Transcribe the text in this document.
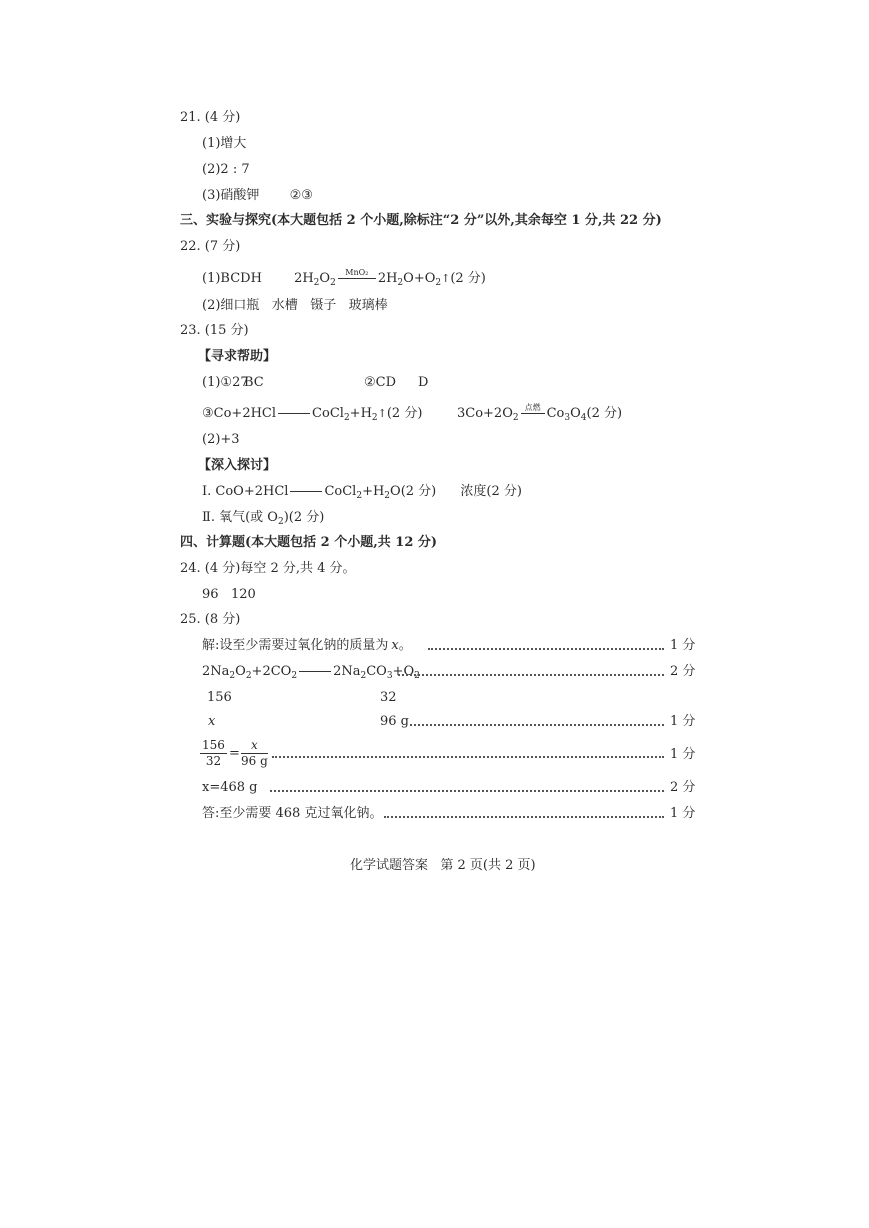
21. (4 分)
(1)增大
(2)2 : 7
(3)硝酸钾 ②③
三、实验与探究(本大题包括 2 个小题,除标注“2 分”以外,其余每空 1 分,共 22 分)
22. (7 分)
(1)BCDH $2H_2O_2$
MnO₂ $2H_2O+O_2↑(2$ 分)
(2)细口瓶   水槽   镊子   玻璃棒
23. (15 分)
【寻求帮助】
(1)①27
BC	②CD D
③Co+2HCl	$CoCl_2+H_2↑(2$ 分)	$3Co+2O_2$
点燃 $Co_3O_4(2$ 分)
(2)+3
【深入探讨】
Ⅰ. CoO+2HCl	$CoCl_2+H_2O(2$ 分) 浓度(2 分)
Ⅱ. 氧气(或 $O_2)(2$ 分)
四、计算题(本大题包括 2 个小题,共 12 分)
24. (4 分)每空 2 分,共 4 分。
96   120
25. (8 分)
解:设至少需要过氧化钠的质量为 x。	1 分
$2Na_2O_2+2CO_2$	$2Na_2CO_3+O_2$	2 分
156	32
x	96 g	1 分
$\frac{156}{32} = \frac{x}{96 g}$	1 分
x=468 g	2 分
答:至少需要 468 克过氧化钠。	1 分
化学试题答案   第 2 页(共 2 页)
